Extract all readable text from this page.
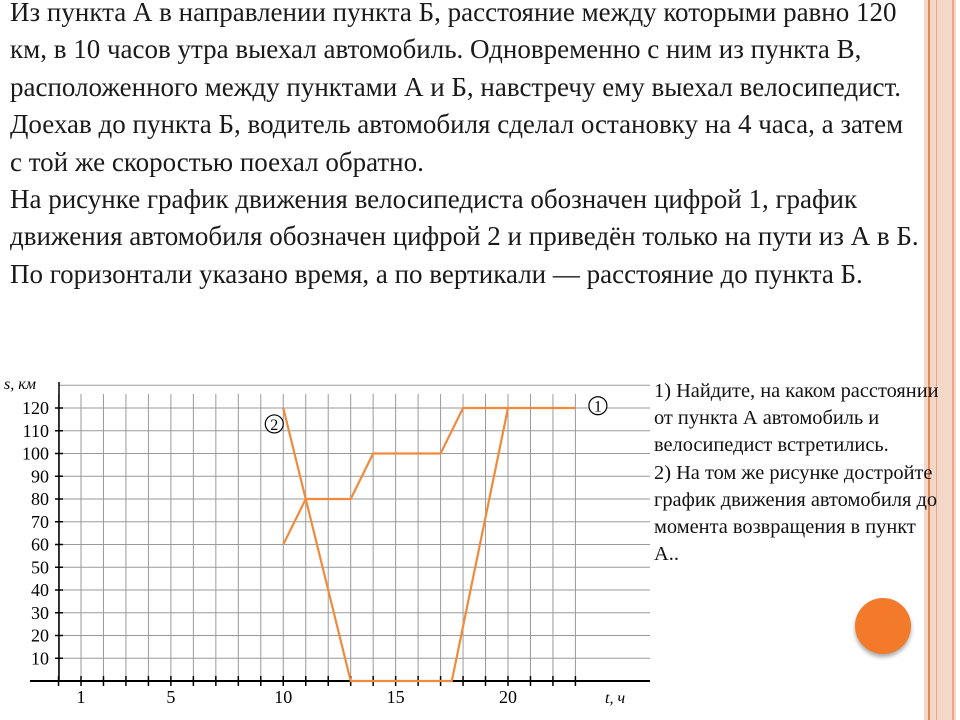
Из пункта А в направлении пункта Б, расстояние между которыми равно 120 км, в 10 часов утра выехал автомобиль. Одновременно с ним из пункта В, расположенного между пунктами А и Б, навстречу ему выехал велосипедист. Доехав до пункта Б, водитель автомобиля сделал остановку на 4 часа, а затем с той же скоростью поехал обратно.

На рисунке график движения велосипедиста обозначен цифрой 1, график движения автомобиля обозначен цифрой 2 и приведён только на пути из А в Б. По горизонтали указано время, а по вертикали — расстояние до пункта Б.

10
20
30
40
50
60
70
80
90
100
110
120
1	5	10	15	20
1
2
s, км
t, ч

1) Найдите, на каком расстоянии от пункта А автомобиль и велосипедист встретились.

2) На том же рисунке достройте график движения автомобиля до момента возвращения в пункт А..
